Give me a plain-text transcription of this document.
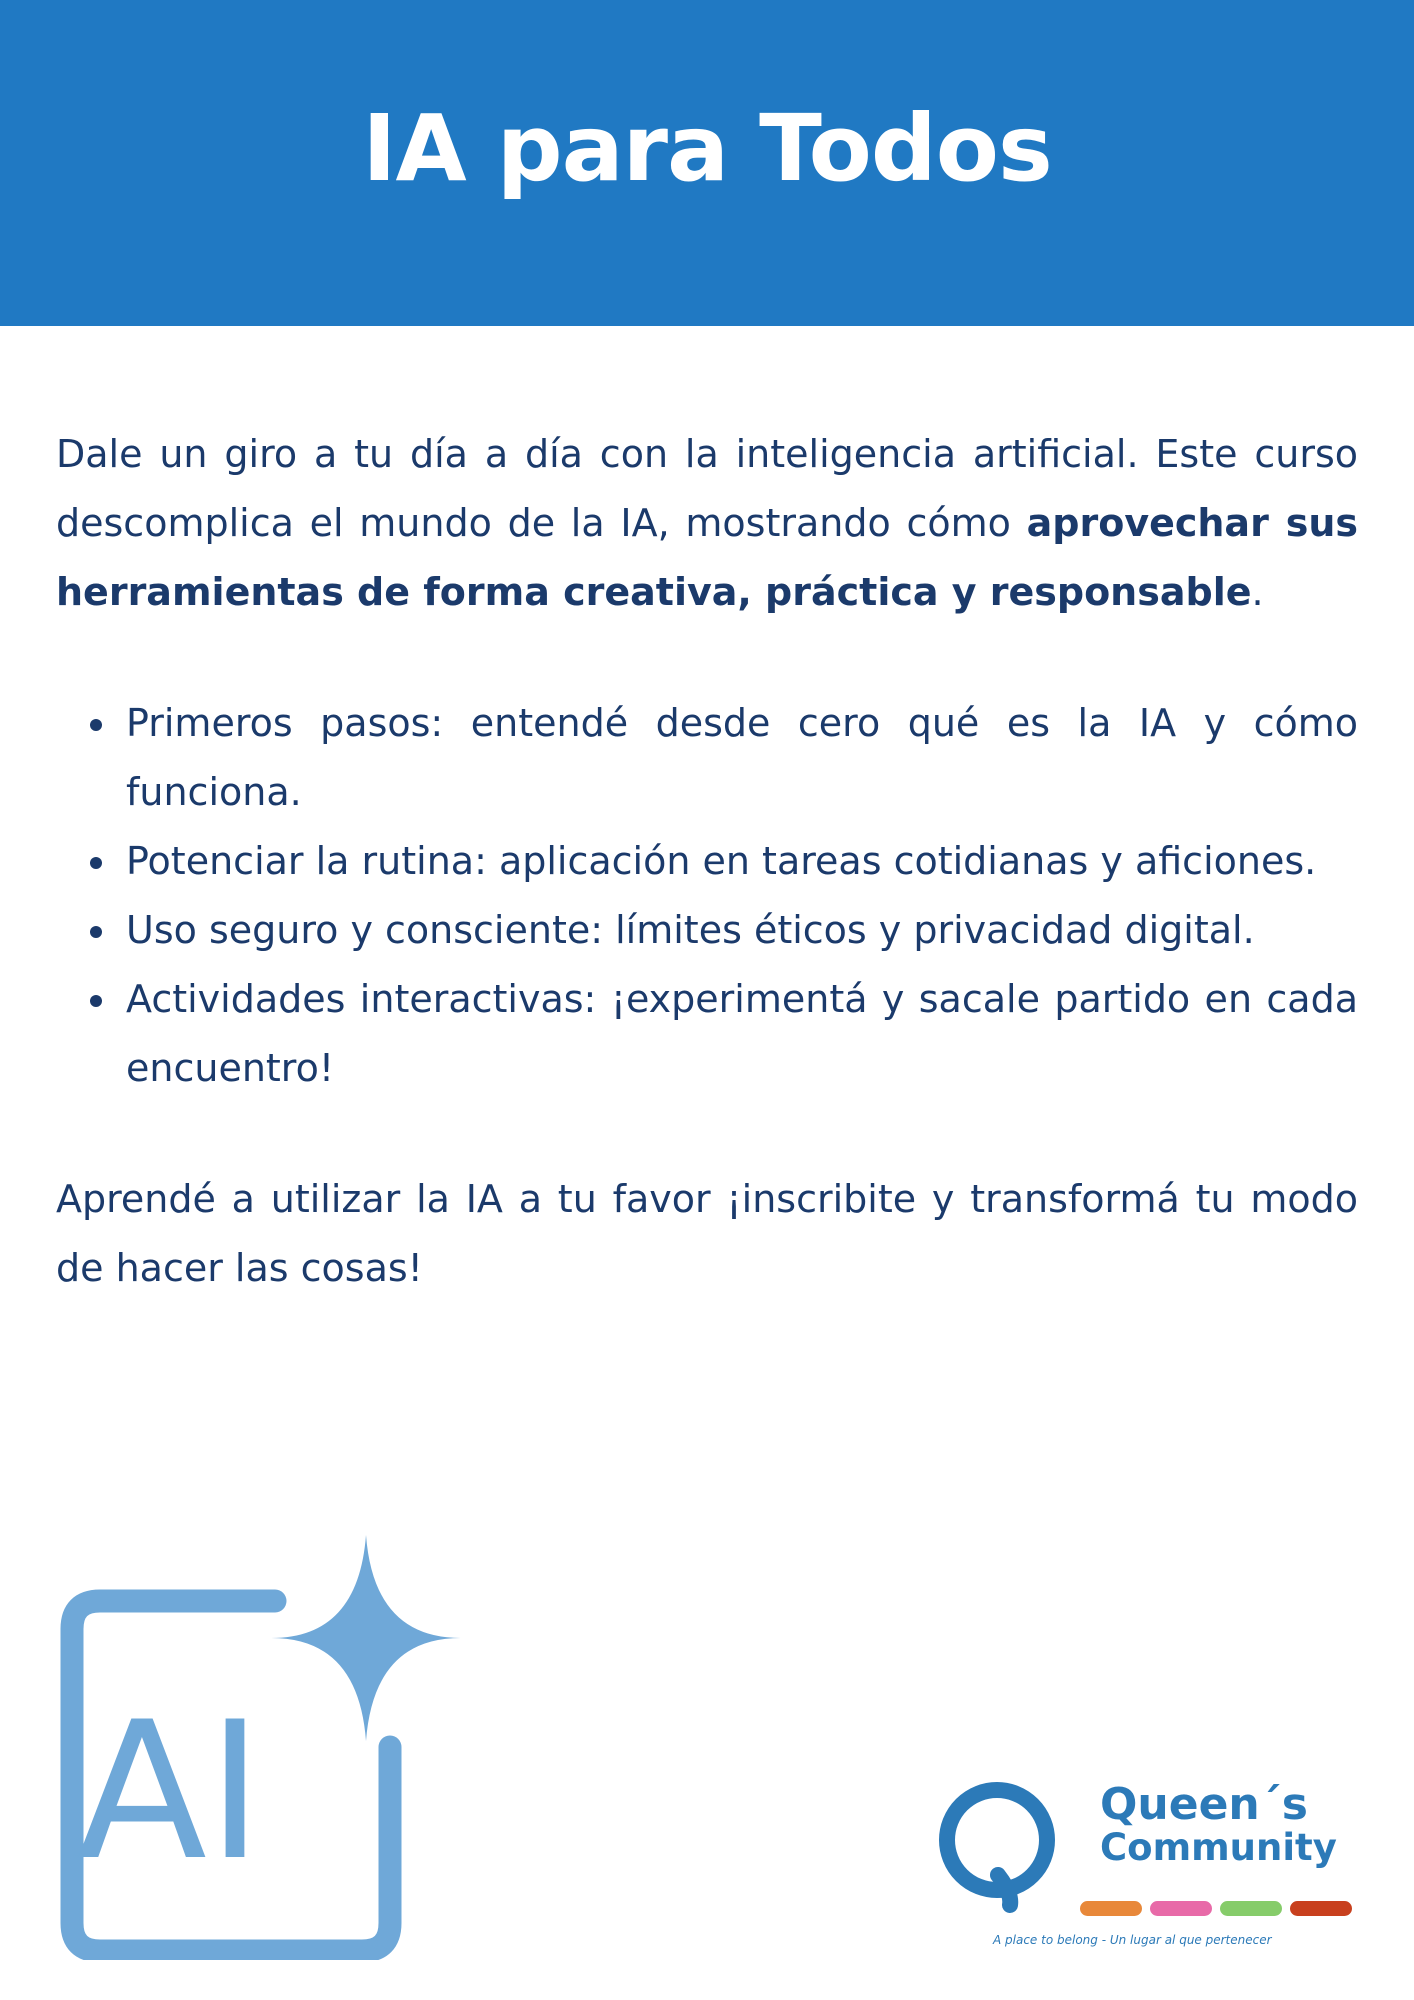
IA para Todos

Dale un giro a tu día a día con la inteligencia artificial. Este curso descomplica el mundo de la IA, mostrando cómo aprovechar sus herramientas de forma creativa, práctica y responsable.

Primeros pasos: entendé desde cero qué es la IA y cómo funciona.
Potenciar la rutina: aplicación en tareas cotidianas y aficiones.
Uso seguro y consciente: límites éticos y privacidad digital.
Actividades interactivas: ¡experimentá y sacale partido en cada encuentro!

Aprendé a utilizar la IA a tu favor ¡inscribite y transformá tu modo de hacer las cosas!

AI	Queen´s
Community
A place to belong - Un lugar al que pertenecer
